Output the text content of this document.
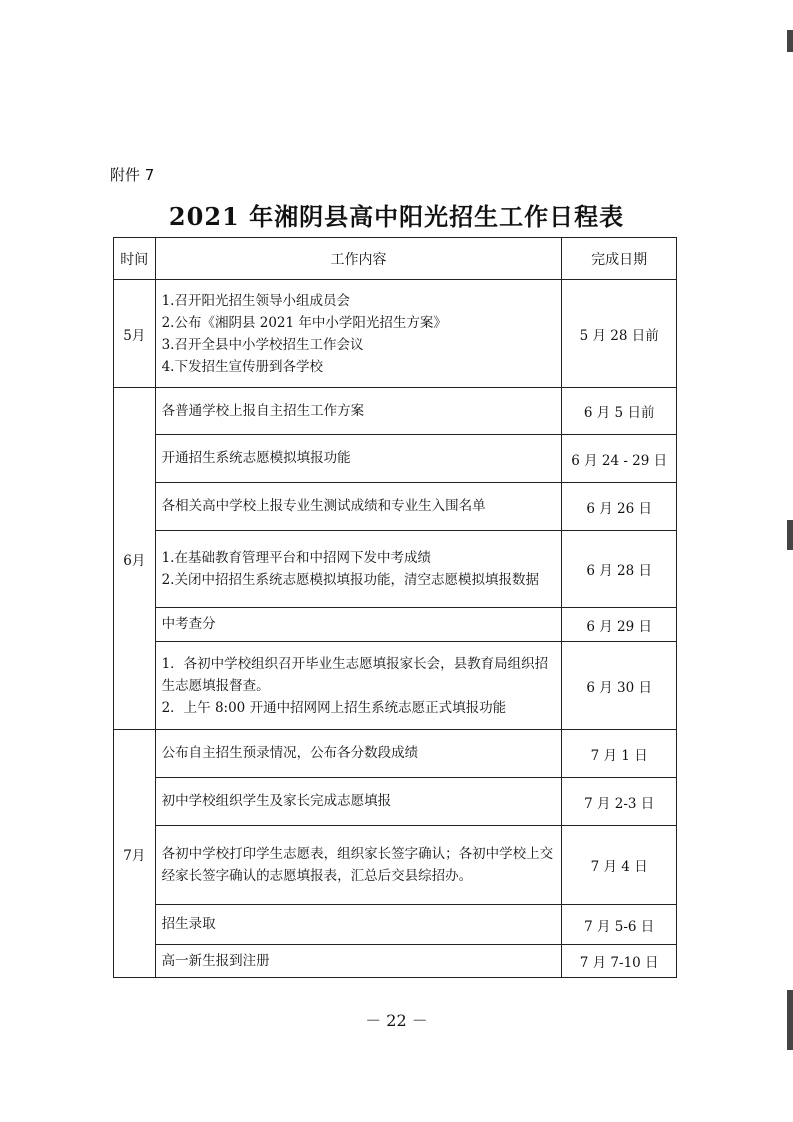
附件 7
2021 年湘阴县高中阳光招生工作日程表
时间	工作内容	完成日期
5月	1.召开阳光招生领导小组成员会
2.公布《湘阴县 2021 年中小学阳光招生方案》
3.召开全县中小学校招生工作会议
4.下发招生宣传册到各学校	5 月 28 日前
6月	各普通学校上报自主招生工作方案	6 月 5 日前
	开通招生系统志愿模拟填报功能	6 月 24 - 29 日
	各相关高中学校上报专业生测试成绩和专业生入围名单	6 月 26 日

	1.在基础教育管理平台和中招网下发中考成绩
2.关闭中招招生系统志愿模拟填报功能，清空志愿模拟填报数据	6 月 28 日
	中考查分	6 月 29 日

	1．各初中学校组织召开毕业生志愿填报家长会，县教育局组织招生志愿填报督查。
2．上午 8:00 开通中招网网上招生系统志愿正式填报功能	6 月 30 日
7月	公布自主招生预录情况，公布各分数段成绩	7 月 1 日
	初中学校组织学生及家长完成志愿填报	7 月 2-3 日
	各初中学校打印学生志愿表，组织家长签字确认；各初中学校上交经家长签字确认的志愿填报表，汇总后交县综招办。	7 月 4 日
	招生录取	7 月 5-6 日
	高一新生报到注册	7 月 7-10 日
－ 22 －
